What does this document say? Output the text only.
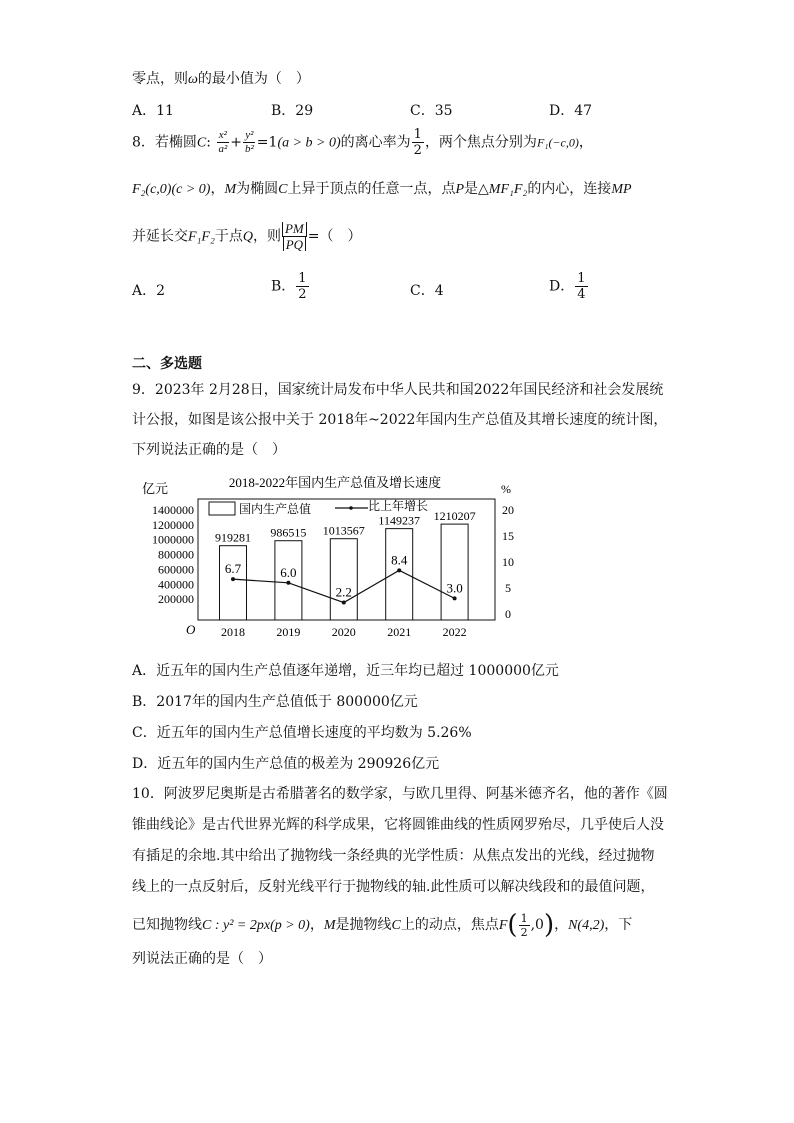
零点，则ω的最小值为（　）
A．11	B．29	C．35	D．47
8．若椭圆C: $\frac{\text{x²}}{\text{a²}} + \frac{\text{y²}}{\text{b²}} =1(a > b > 0)$的离心率为 $\frac{1}{2}$ ，两个焦点分别为F₁(−c,0)，
F₂(c,0)(c > 0)，M为椭圆C上异于顶点的任意一点，点P是△MF₁F₂的内心，连接MP
并延长交F₁F₂于点Q，则 $\frac{PM}{PQ}$ =（　）
A．2	B． $\frac{1}{2}$	C．4	D． $\frac{1}{4}$
二、多选题
9．2023年 2月28日，国家统计局发布中华人民共和国2022年国民经济和社会发展统
计公报，如图是该公报中关于 2018年~2022年国内生产总值及其增长速度的统计图，
下列说法正确的是（　）
2018-2022年国内生产总值及增长速度
亿元	%
国内生产总值	比上年增长
O
200000
400000
600000
800000
1000000
1200000
1400000
0
5
10
15
20
919281 986515 1013567
1149237 1210207
2018	2019	2020	2021	2022
6.7	6.0
2.2
8.4
3.0
A．近五年的国内生产总值逐年递增，近三年均已超过 1000000亿元
B．2017年的国内生产总值低于 800000亿元
C．近五年的国内生产总值增长速度的平均数为 5.26%
D．近五年的国内生产总值的极差为 290926亿元
10．阿波罗尼奥斯是古希腊著名的数学家，与欧几里得、阿基米德齐名，他的著作《圆
锥曲线论》是古代世界光辉的科学成果，它将圆锥曲线的性质网罗殆尽，几乎使后人没
有插足的余地.其中给出了抛物线一条经典的光学性质：从焦点发出的光线，经过抛物
线上的一点反射后，反射光线平行于抛物线的轴.此性质可以解决线段和的最值问题，
已知抛物线C : y² = 2px(p > 0)，M是抛物线C上的动点，焦点$F( \frac{1}{2} ,0)$，N(4,2)，下
列说法正确的是（　）
